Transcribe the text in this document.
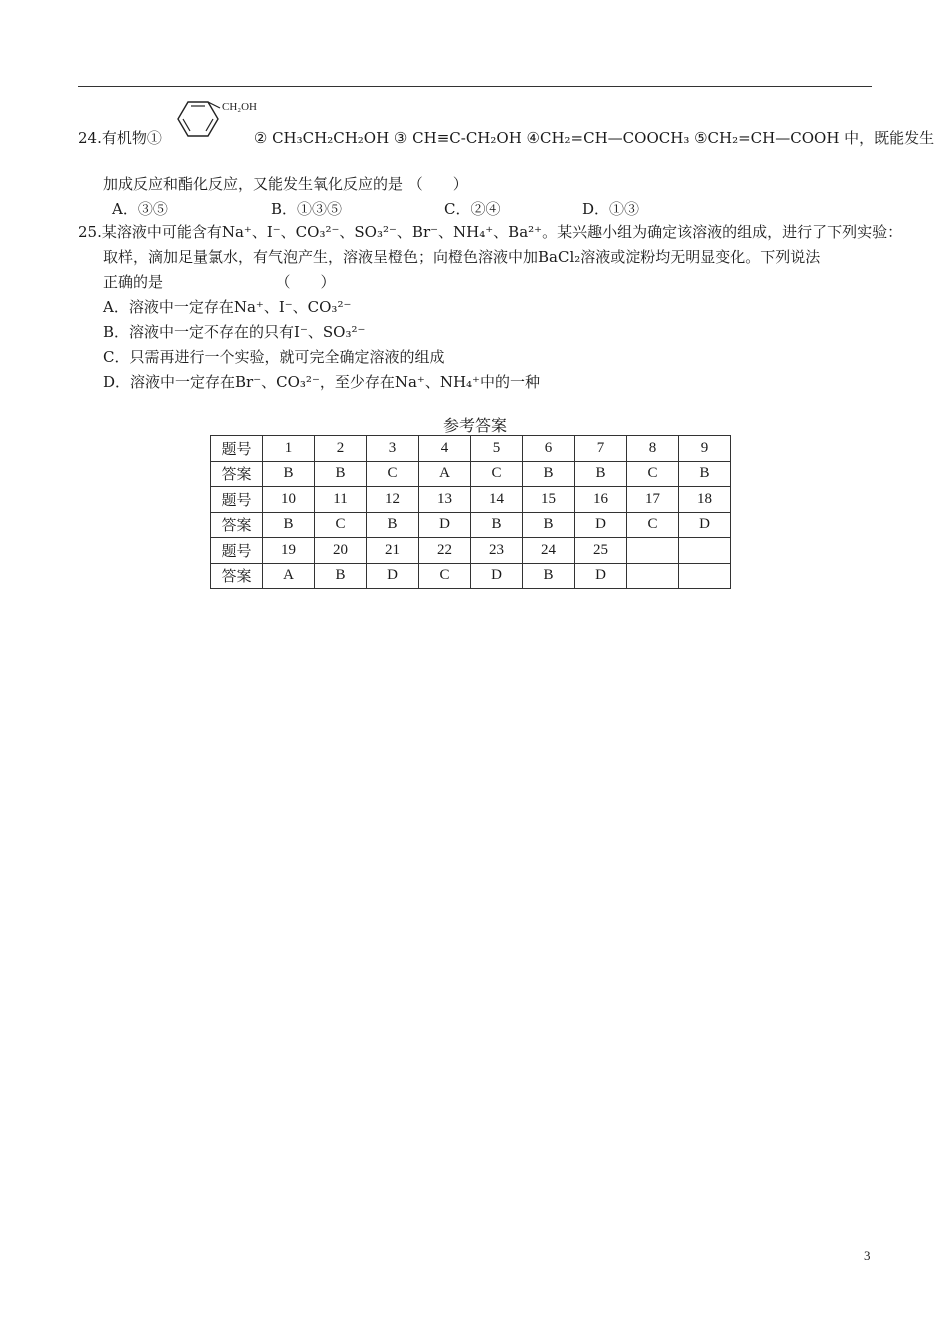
CH₂OH
24.有机物①	② CH₃CH₂CH₂OH ③ CH≡C-CH₂OH ④CH₂=CH—COOCH₃ ⑤CH₂=CH—COOH 中，既能发生
加成反应和酯化反应，又能发生氧化反应的是 （　　）
A．③⑤	B．①③⑤	C．②④	D．①③
25.某溶液中可能含有Na⁺、I⁻、CO₃²⁻、SO₃²⁻、Br⁻、NH₄⁺、Ba²⁺。某兴趣小组为确定该溶液的组成，进行了下列实验：
取样，滴加足量氯水，有气泡产生，溶液呈橙色；向橙色溶液中加BaCl₂溶液或淀粉均无明显变化。下列说法
正确的是　　　　　　　　（　　）
A．溶液中一定存在Na⁺、I⁻、CO₃²⁻
B．溶液中一定不存在的只有I⁻、SO₃²⁻
C．只需再进行一个实验，就可完全确定溶液的组成
D．溶液中一定存在Br⁻、CO₃²⁻，至少存在Na⁺、NH₄⁺中的一种
参考答案
题号	1	2	3	4	5	6	7	8	9
答案	B	B	C	A	C	B	B	C	B
题号	10	11	12	13	14	15	16	17	18
答案	B	C	B	D	B	B	D	C	D
题号	19	20	21	22	23	24	25		
答案	A	B	D	C	D	B	D		
3
